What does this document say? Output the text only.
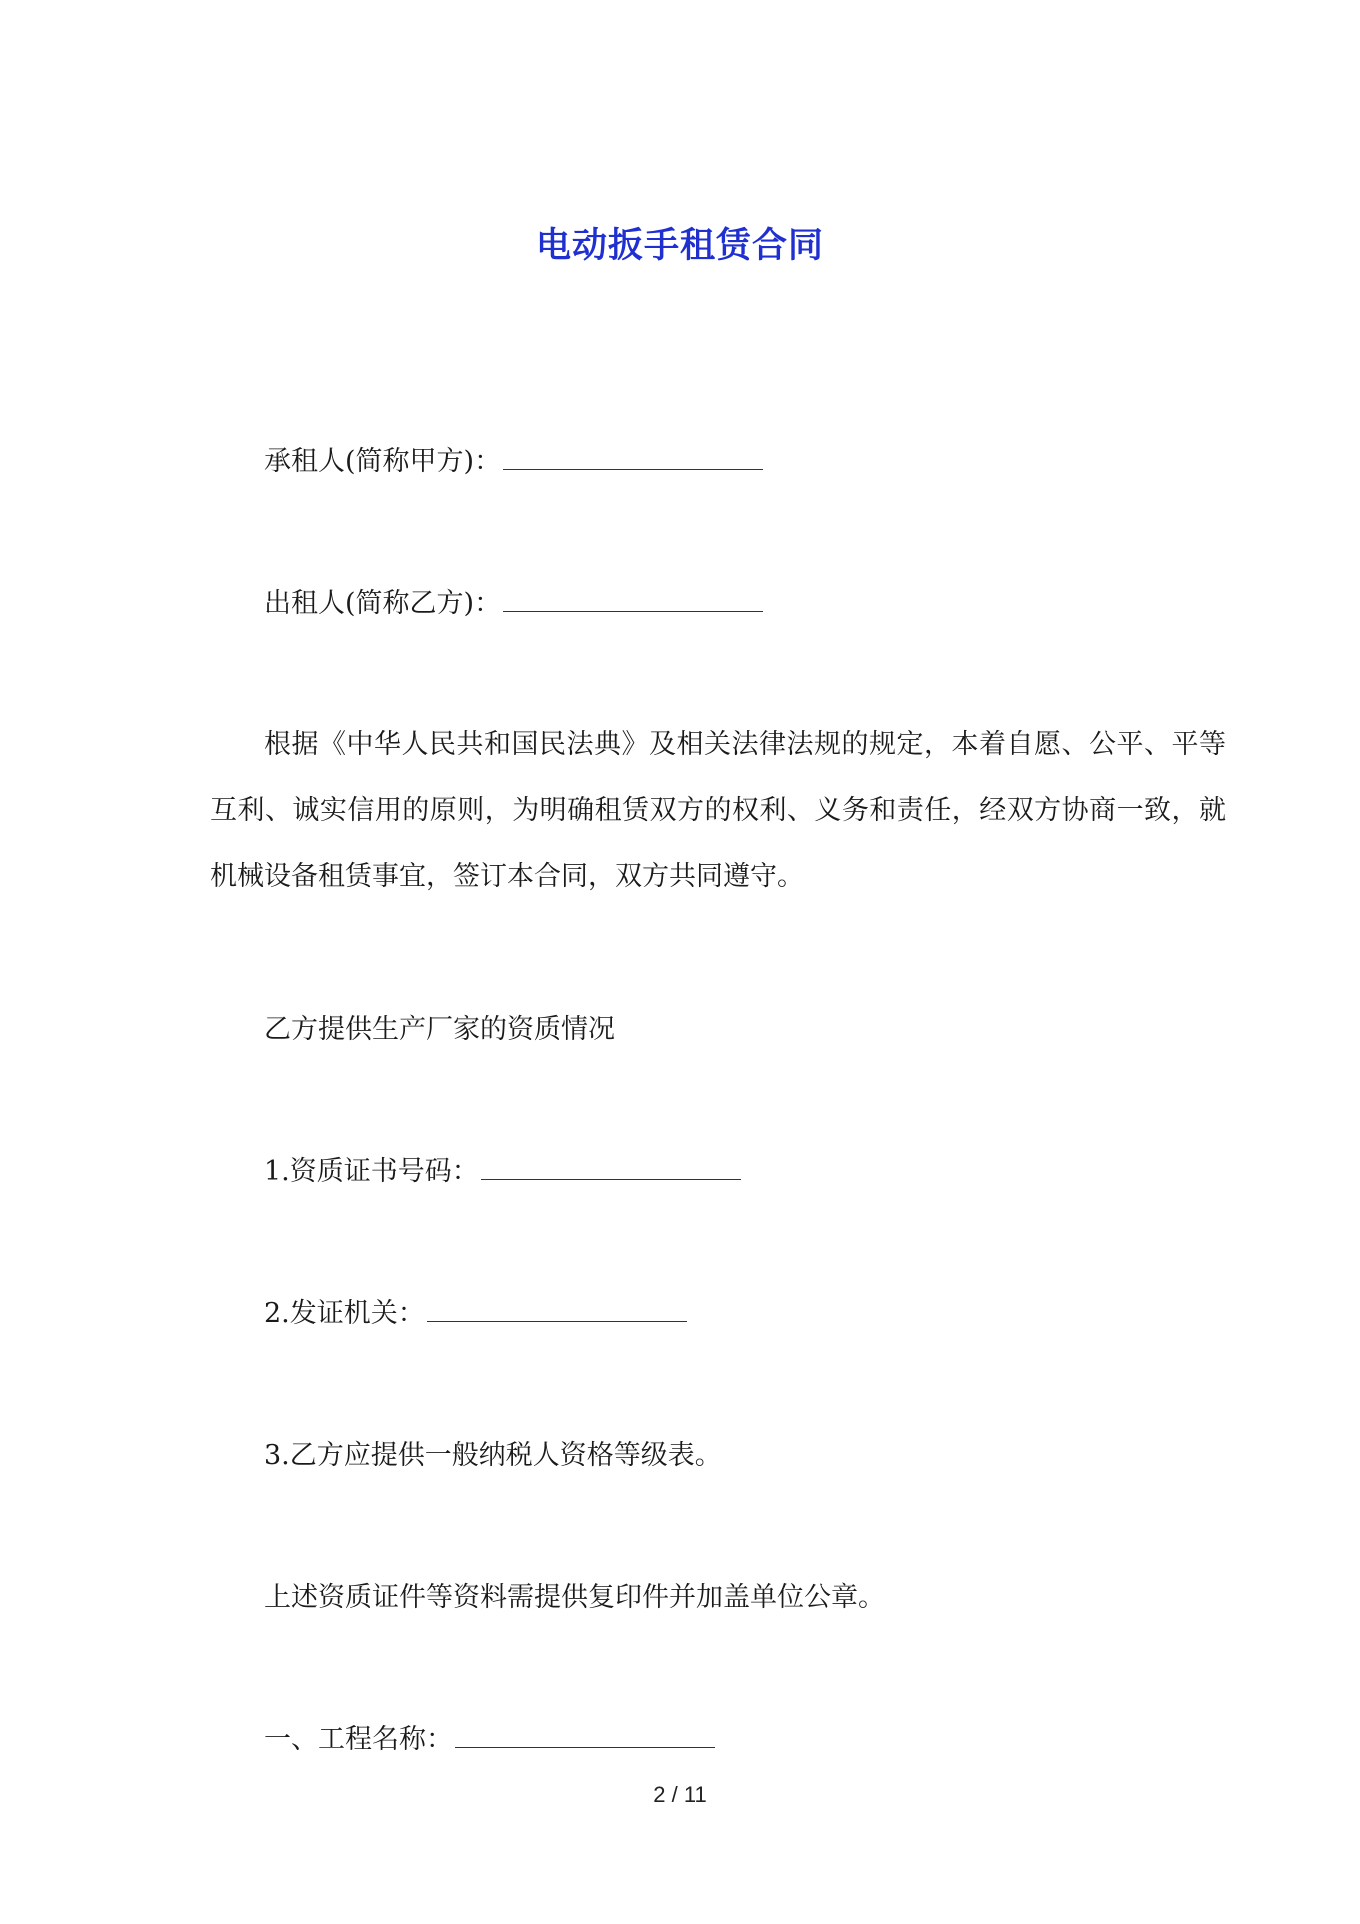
电动扳手租赁合同
承租人(简称甲方)：
出租人(简称乙方)：
根据《中华人民共和国民法典》及相关法律法规的规定，本着自愿、公平、平等互利、诚实信用的原则，为明确租赁双方的权利、义务和责任，经双方协商一致，就机械设备租赁事宜，签订本合同，双方共同遵守。
乙方提供生产厂家的资质情况
1.资质证书号码：
2.发证机关：
3.乙方应提供一般纳税人资格等级表。
上述资质证件等资料需提供复印件并加盖单位公章。
一、工程名称：
2 / 11
